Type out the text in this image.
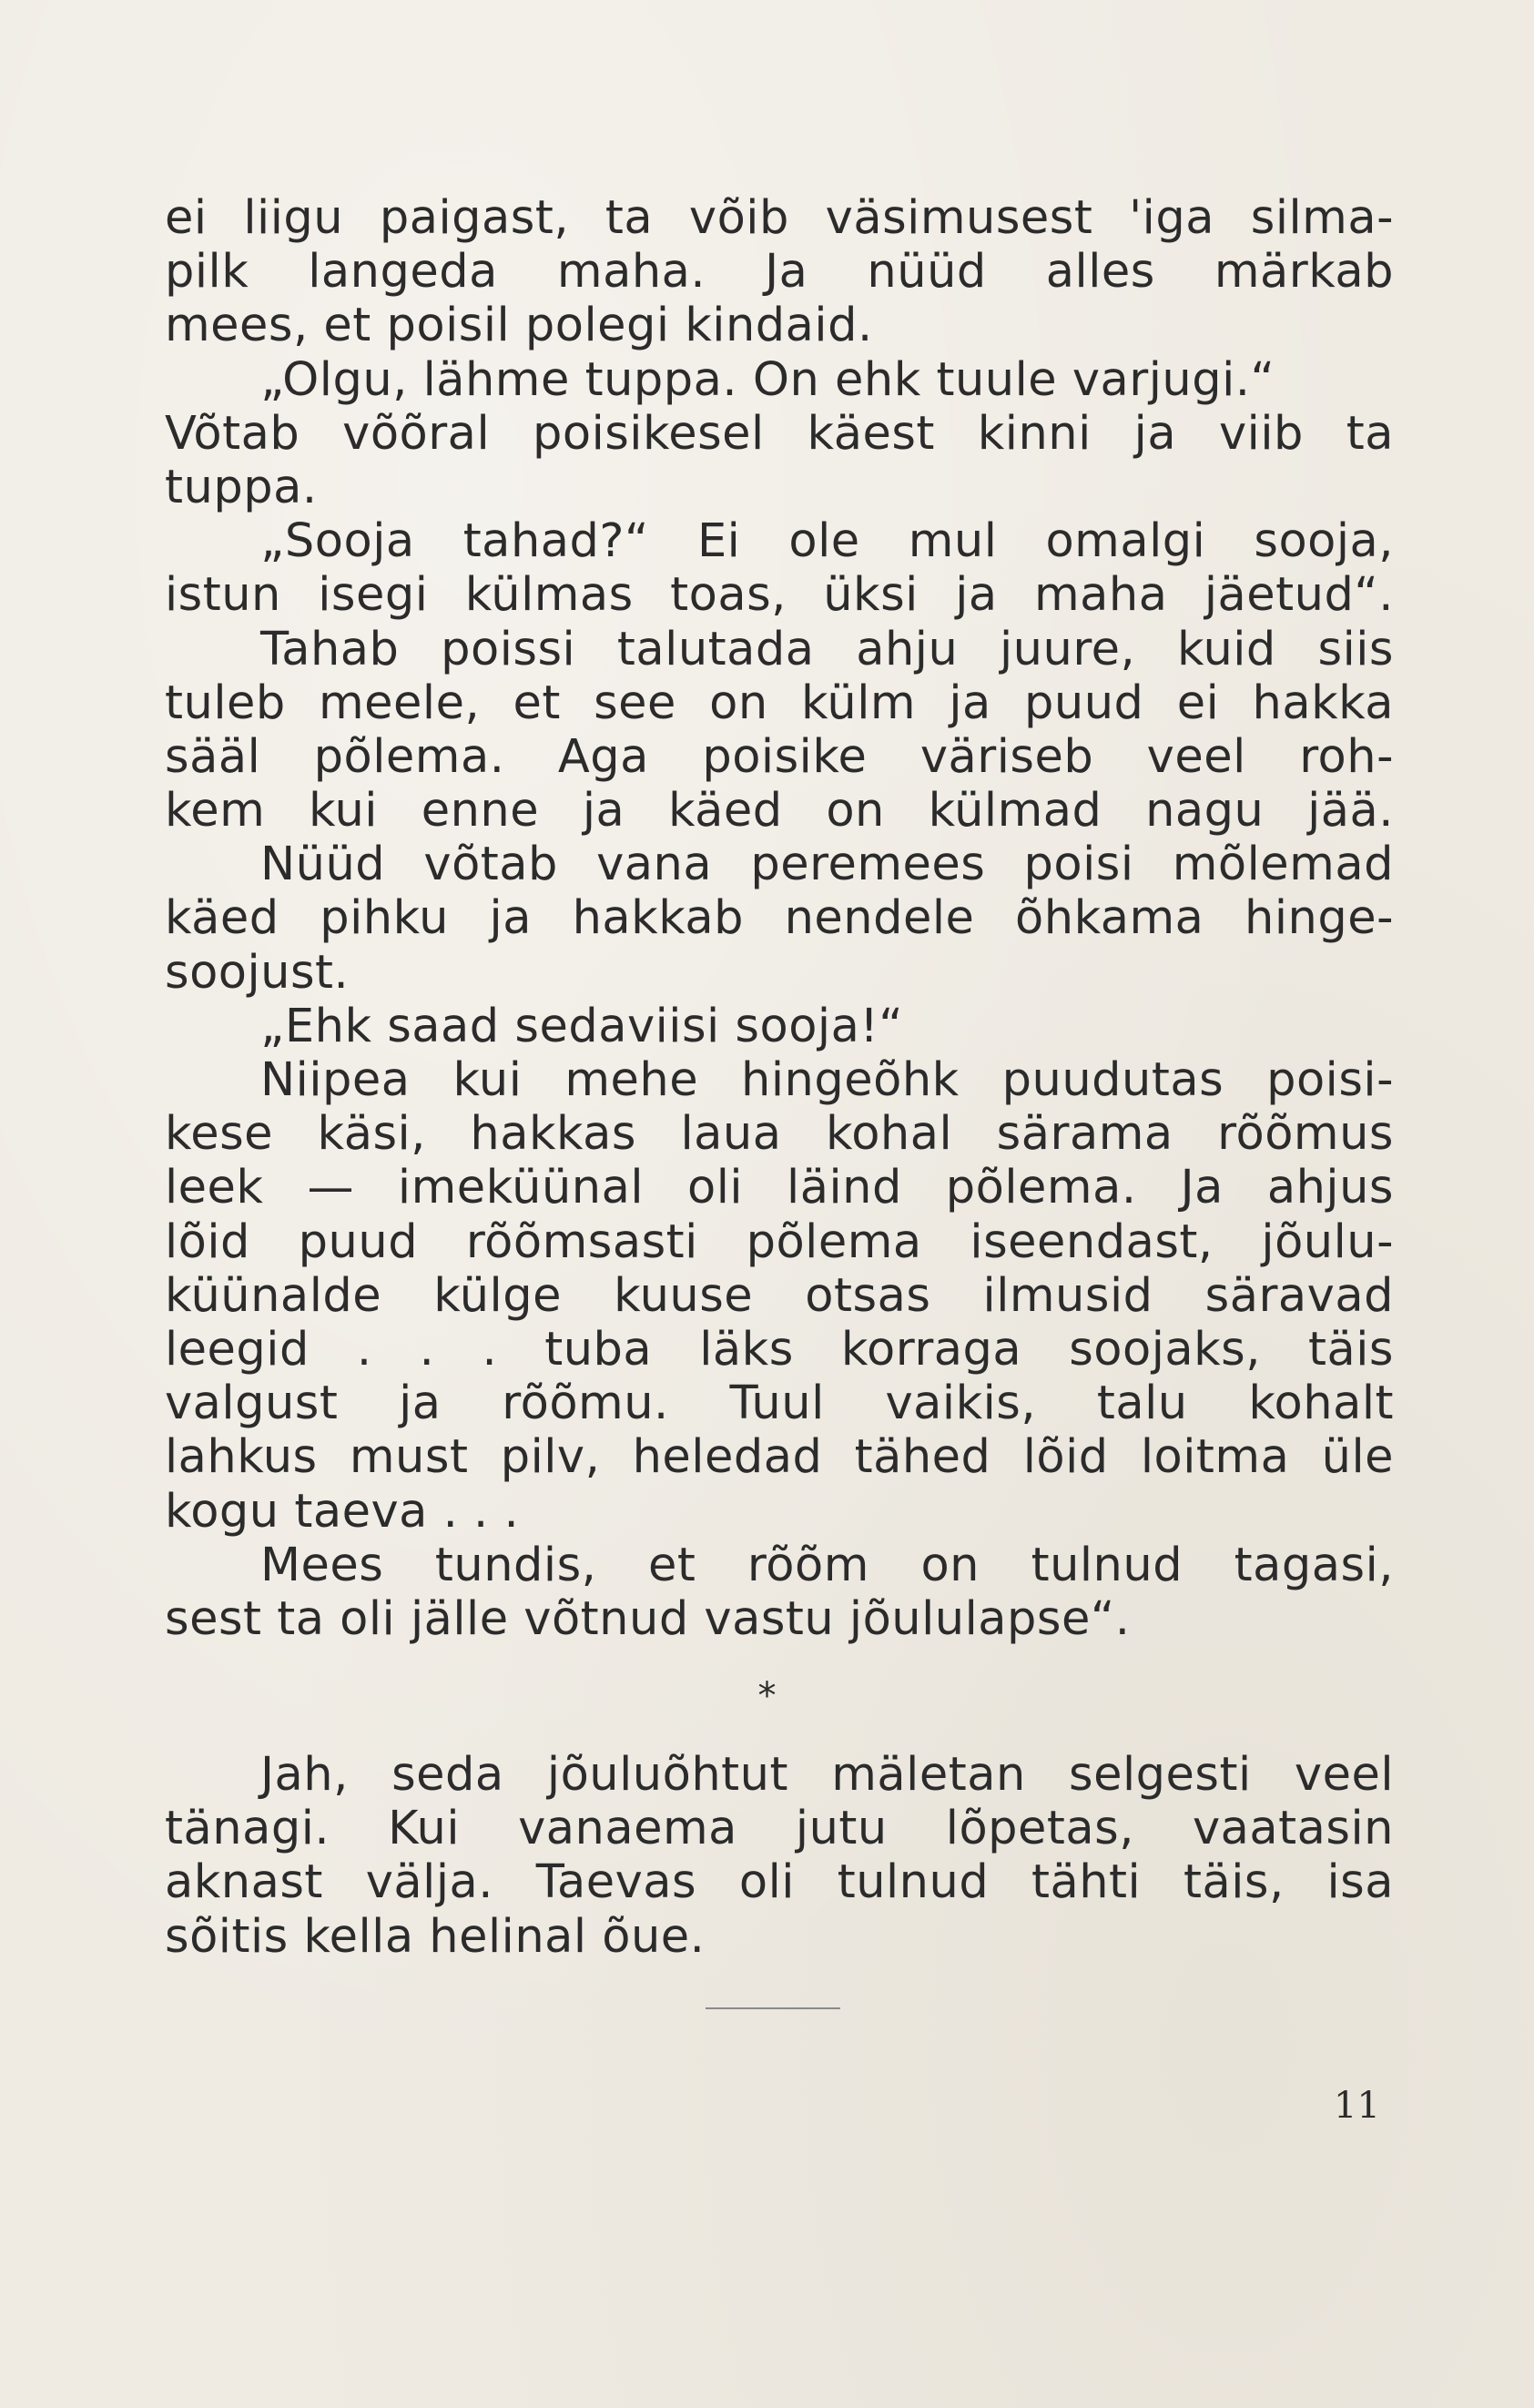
ei liigu paigast, ta võib väsimusest 'iga silma-
pilk langeda maha. Ja nüüd alles märkab
mees, et poisil polegi kindaid.
„Olgu, lähme tuppa. On ehk tuule varjugi.“
Võtab võõral poisikesel käest kinni ja viib ta
tuppa.
„Sooja tahad?“ Ei ole mul omalgi sooja,
istun isegi külmas toas, üksi ja maha jäetud“.
Tahab poissi talutada ahju juure, kuid siis
tuleb meele, et see on külm ja puud ei hakka
sääl põlema. Aga poisike väriseb veel roh-
kem kui enne ja käed on külmad nagu jää.
Nüüd võtab vana peremees poisi mõlemad
käed pihku ja hakkab nendele õhkama hinge-
soojust.
„Ehk saad sedaviisi sooja!“
Niipea kui mehe hingeõhk puudutas poisi-
kese käsi, hakkas laua kohal särama rõõmus
leek — imeküünal oli läind põlema. Ja ahjus
lõid puud rõõmsasti põlema iseendast, jõulu-
küünalde külge kuuse otsas ilmusid säravad
leegid . . . tuba läks korraga soojaks, täis
valgust ja rõõmu. Tuul vaikis, talu kohalt
lahkus must pilv, heledad tähed lõid loitma üle
kogu taeva . . .
Mees tundis, et rõõm on tulnud tagasi,
sest ta oli jälle võtnud vastu jõululapse“.
*
Jah, seda jõuluõhtut mäletan selgesti veel
tänagi. Kui vanaema jutu lõpetas, vaatasin
aknast välja. Taevas oli tulnud tähti täis, isa
sõitis kella helinal õue.
11
